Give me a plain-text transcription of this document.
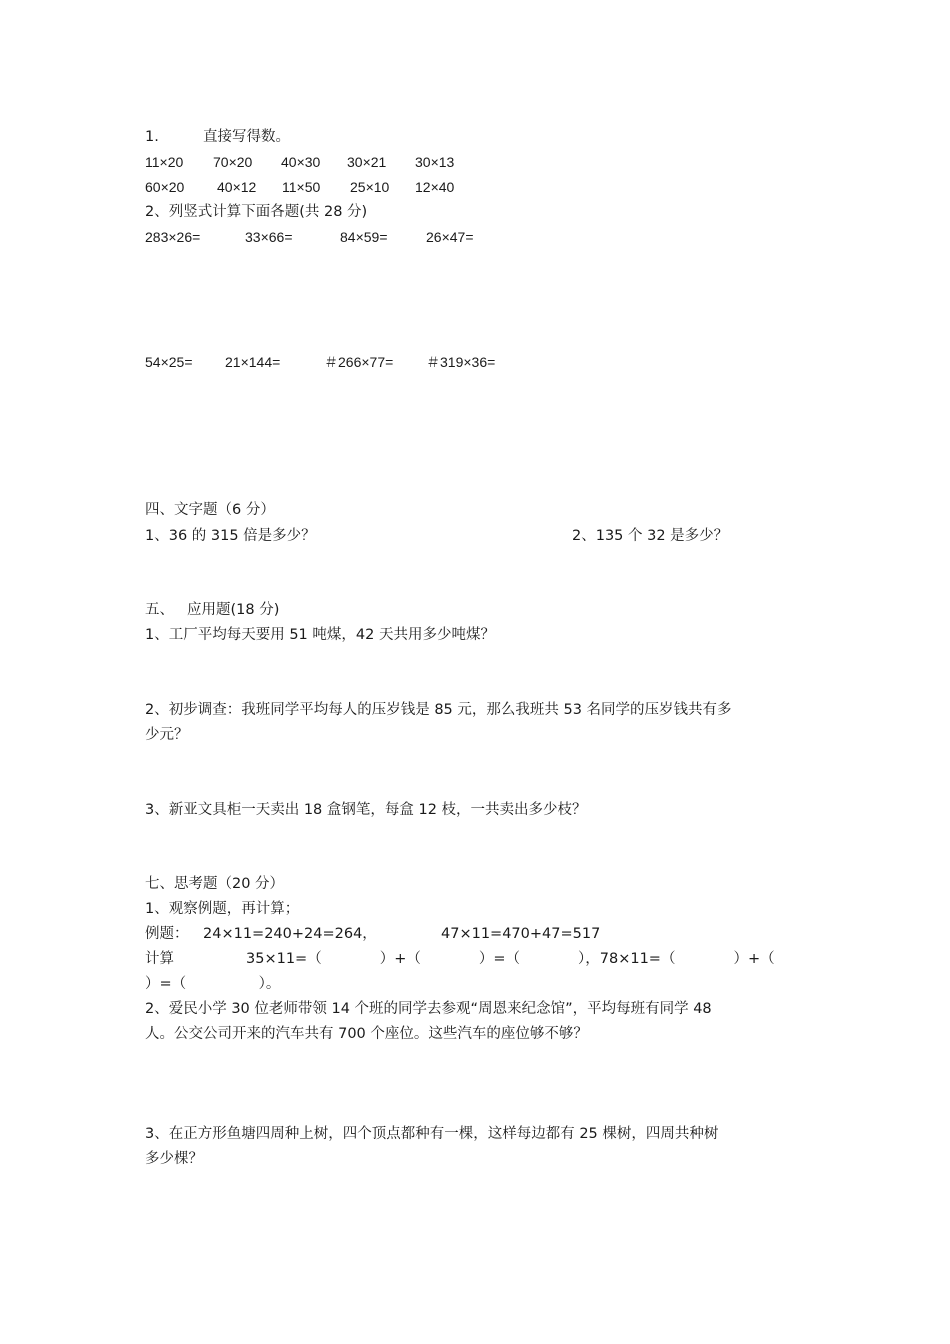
1.	直接写得数。
11×20 70×20 40×30 30×21 30×13
60×20 40×12 11×50 25×10 12×40
2、列竖式计算下面各题(共 28 分)
283×26=	33×66=	84×59=	26×47=
54×25= 21×144=	＃266×77= ＃319×36=
四、文字题（6 分）
1、36 的 315 倍是多少？	2、135 个 32 是多少？
五、 应用题(18 分)
1、工厂平均每天要用 51 吨煤，42 天共用多少吨煤？
2、初步调查：我班同学平均每人的压岁钱是 85 元，那么我班共 53 名同学的压岁钱共有多
少元？
3、新亚文具柜一天卖出 18 盒钢笔，每盒 12 枝，一共卖出多少枝？
七、思考题（20 分）
1、观察例题，再计算；
例题： 24×11=240+24=264，	47×11=470+47=517
计算	35×11=（　　　　）+（　　　　）=（　　　　），78×11=（　　　　）+（
）=（　　　　　）。
2、爱民小学 30 位老师带领 14 个班的同学去参观“周恩来纪念馆”，平均每班有同学 48
人。公交公司开来的汽车共有 700 个座位。这些汽车的座位够不够？
3、在正方形鱼塘四周种上树，四个顶点都种有一棵，这样每边都有 25 棵树，四周共种树
多少棵？
